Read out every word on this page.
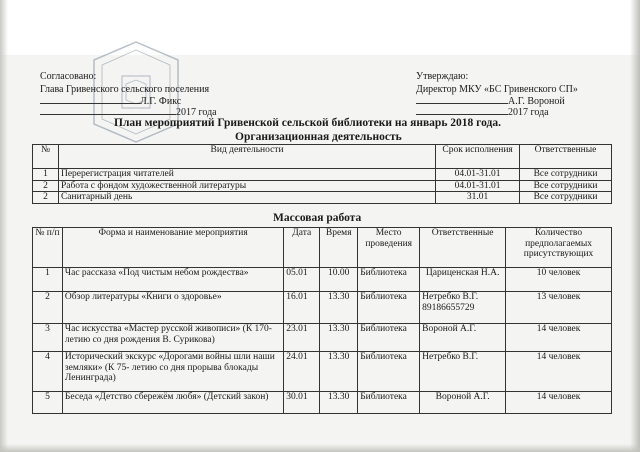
Согласовано:
Глава Гривенского сельского поселения
Л.Г. Фикс
2017 года
Утверждаю:
Директор МКУ «БС Гривенского СП»
А.Г. Вороной
2017 года
План мероприятий Гривенской сельской библиотеки на январь 2018 года.
Организационная деятельность
№	Вид деятельности	Срок исполнения	Ответственные
1	Перерегистрация читателей	04.01-31.01	Все сотрудники
2	Работа с фондом художественной литературы	04.01-31.01	Все сотрудники
2	Санитарный день	31.01	Все сотрудники
Массовая работа
№ п/п	Форма и наименование мероприятия	Дата	Время	Место проведения	Ответственные	Количество предполагаемых присутствующих
1	Час рассказа «Под чистым небом рождества»	05.01	10.00	Библиотека	Цариценская Н.А.	10 человек
2	Обзор литературы «Книги о здоровье»	16.01	13.30	Библиотека	Нетребко В.Г. 89186655729	13 человек
3	Час искусства «Мастер русской живописи» (К 170- летию со дня рождения В. Сурикова)	23.01	13.30	Библиотека	Вороной А.Г.	14 человек
4	Исторический экскурс «Дорогами войны шли наши земляки» (К 75- летию со дня прорыва блокады Ленинграда)	24.01	13.30	Библиотека	Нетребко В.Г.	14 человек
5	Беседа «Детство сбережём любя» (Детский закон)	30.01	13.30	Библиотека	Вороной А.Г.	14 человек
